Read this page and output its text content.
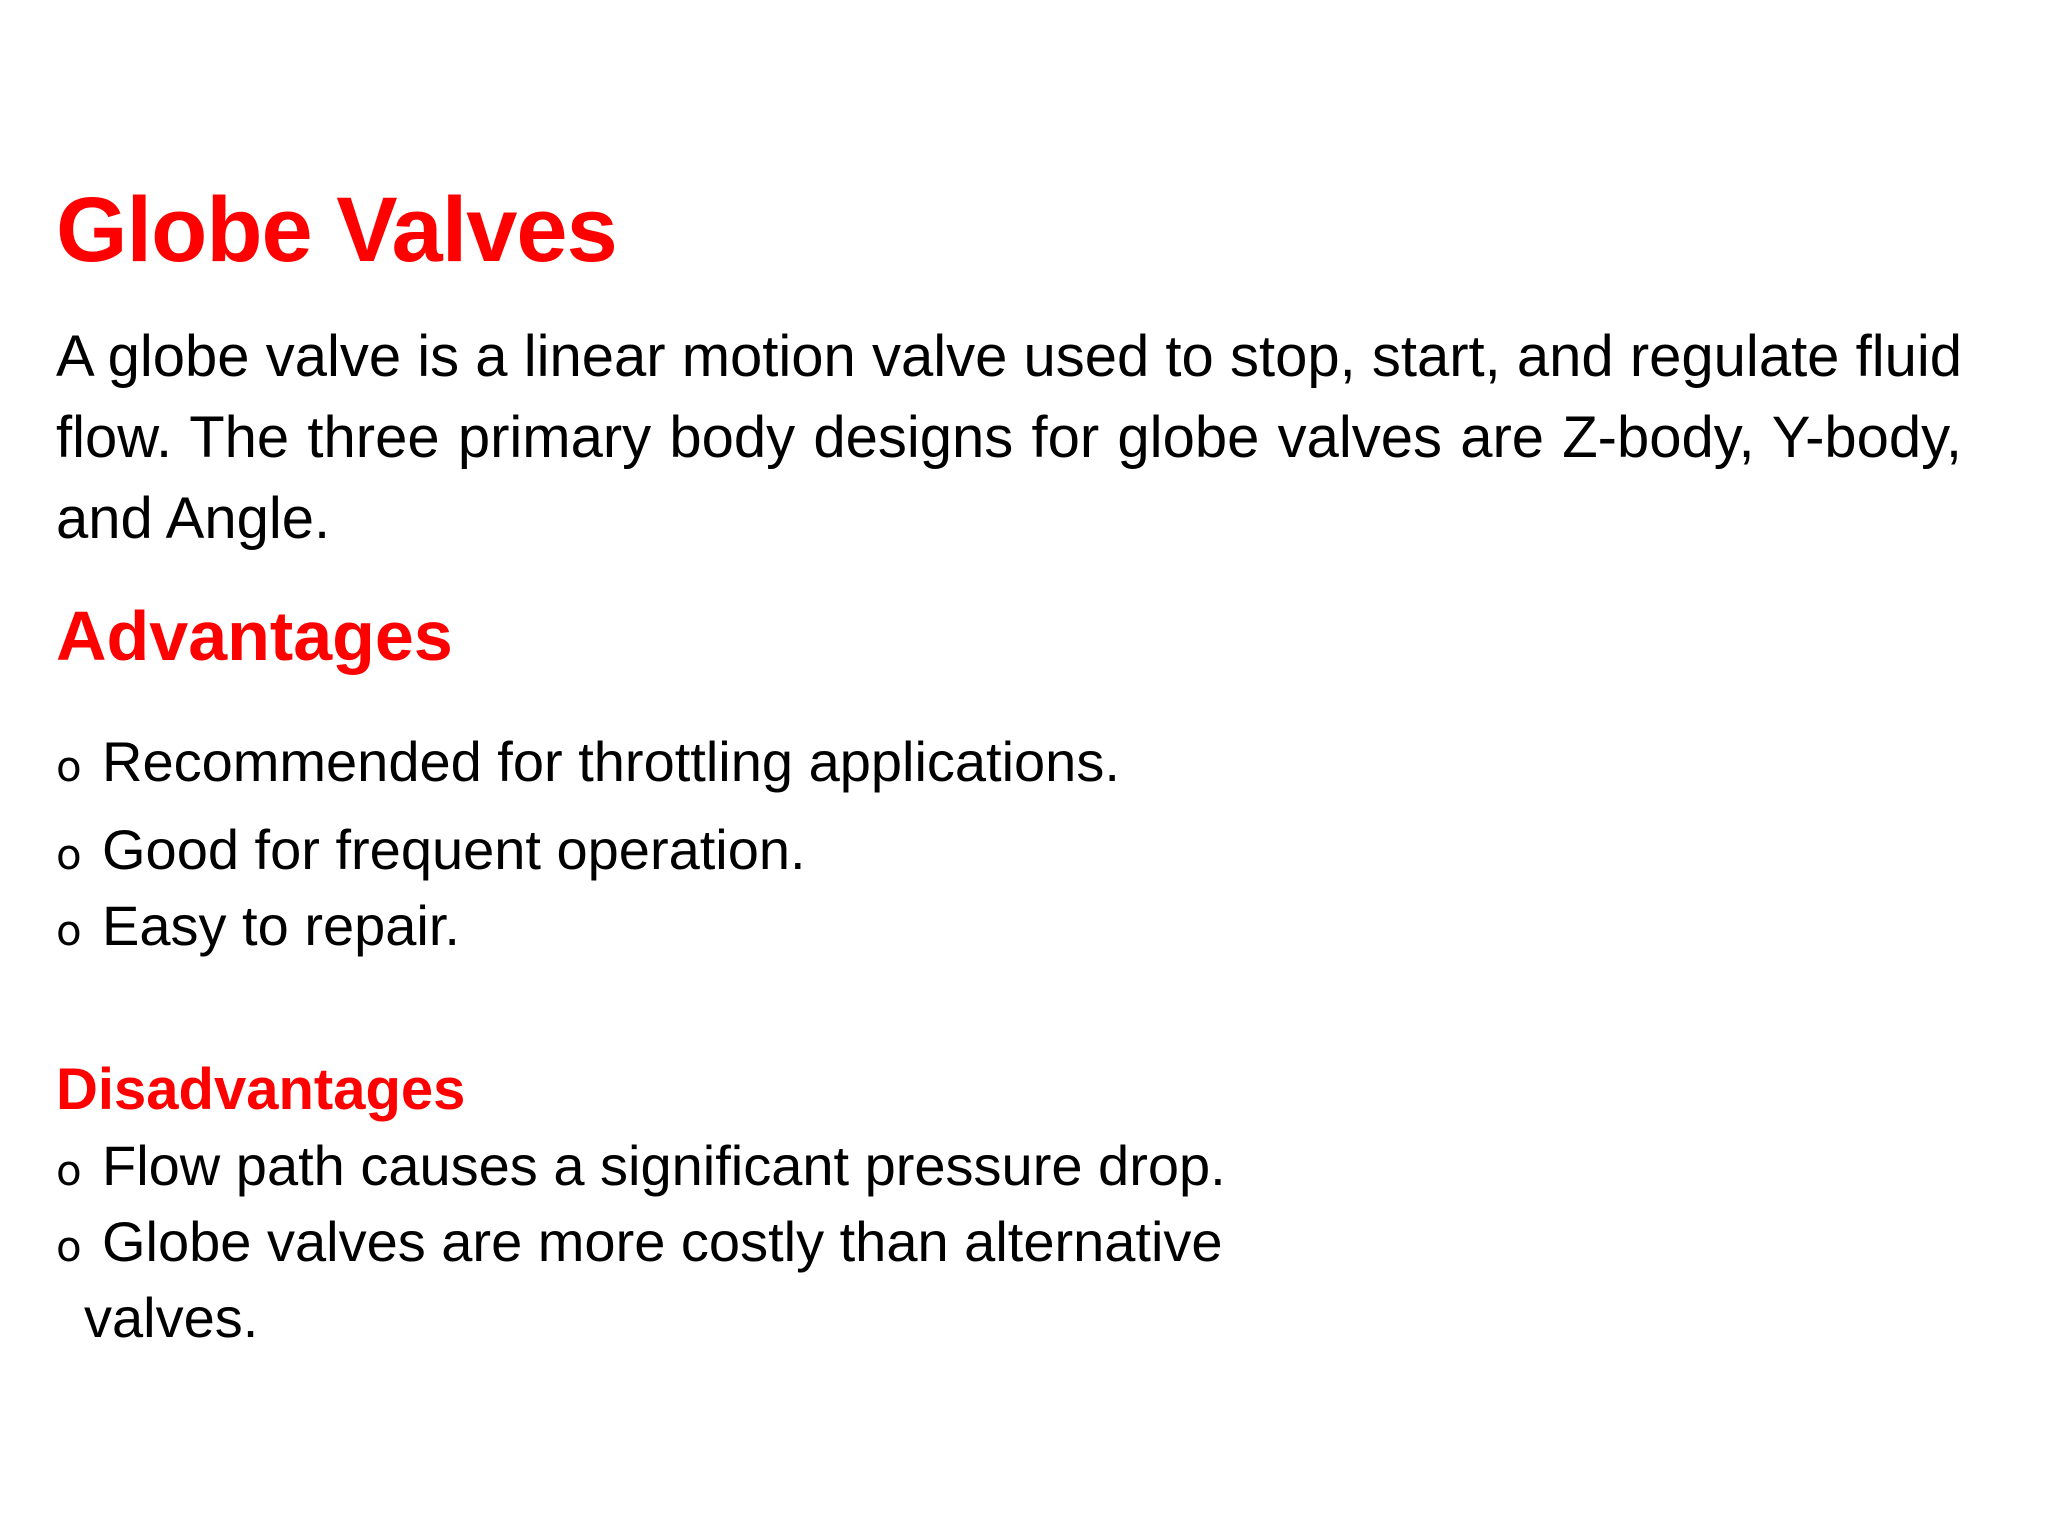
Globe Valves

A globe valve is a linear motion valve used to stop, start, and regulate fluid flow. The three primary body designs for globe valves are Z-body, Y-body, and Angle.

Advantages
o Recommended for throttling applications.
o Good for frequent operation.
o Easy to repair.
Disadvantages
o Flow path causes a significant pressure drop.
o Globe valves are more costly than alternative
valves.
